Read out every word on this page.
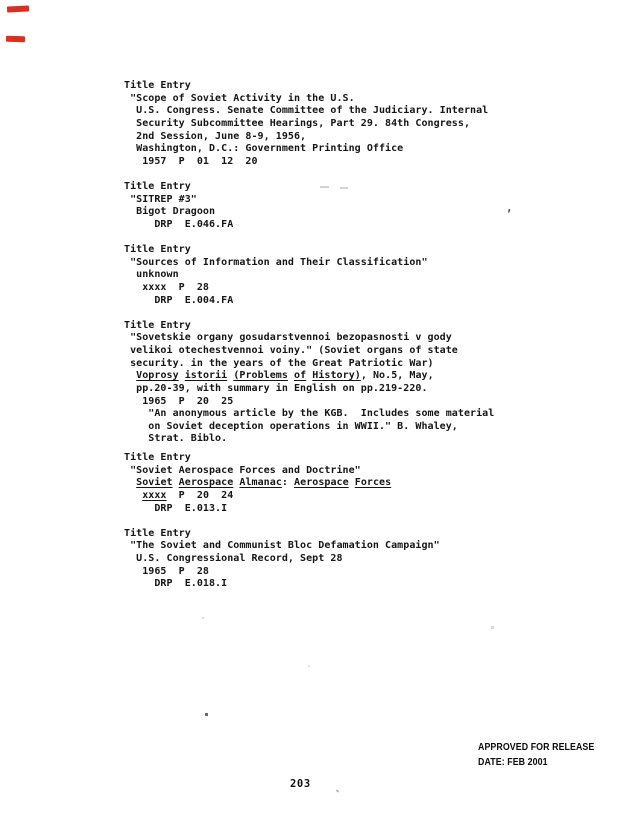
Title Entry
"Scope of Soviet Activity in the U.S.
U.S. Congress. Senate Committee of the Judiciary. Internal
Security Subcommittee Hearings, Part 29. 84th Congress,
2nd Session, June 8-9, 1956,
Washington, D.C.: Government Printing Office
1957  P  01  12  20
Title Entry
"SITREP #3"
Bigot Dragoon
DRP  E.046.FA
Title Entry
"Sources of Information and Their Classification"
unknown
xxxx  P  28
DRP  E.004.FA
Title Entry
"Sovetskie organy gosudarstvennoi bezopasnosti v gody
velikoi otechestvennoi voiny." (Soviet organs of state
security. in the years of the Great Patriotic War)
Voprosy istorii (Problems of History), No.5, May,
pp.20-39, with summary in English on pp.219-220.
1965  P  20  25
"An anonymous article by the KGB.  Includes some material
on Soviet deception operations in WWII." B. Whaley,
Strat. Biblo.
Title Entry
"Soviet Aerospace Forces and Doctrine"
Soviet Aerospace Almanac: Aerospace Forces
xxxx  P  20  24
DRP  E.013.I
Title Entry
"The Soviet and Communist Bloc Defamation Campaign"
U.S. Congressional Record, Sept 28
1965  P  28
DRP  E.018.I
,
APPROVED FOR RELEASE
DATE: FEB 2001
203
